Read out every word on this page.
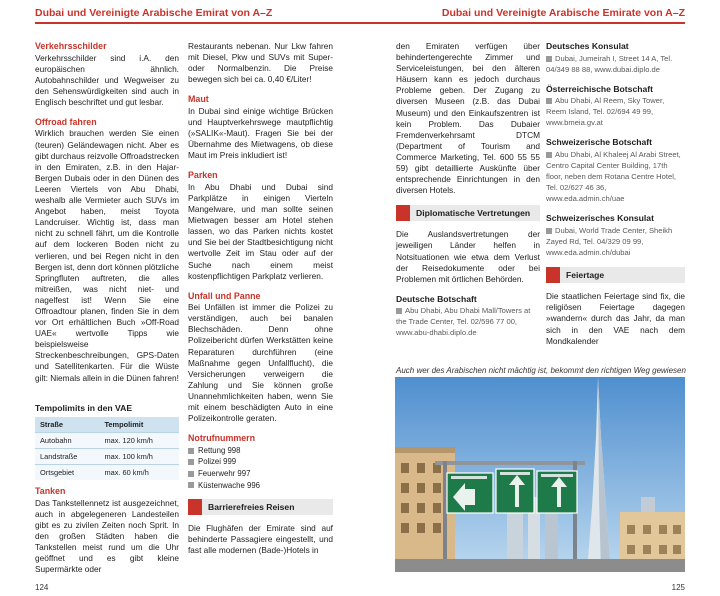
Dubai und Vereinigte Arabische Emirat von A–Z
Verkehrsschilder

Verkehrsschilder sind i.A. den europäischen ähnlich. Autobahnschilder und Wegweiser zu den Sehenswürdigkeiten sind auch in Englisch beschriftet und gut lesbar.

Offroad fahren

Wirklich brauchen werden Sie einen (teuren) Geländewagen nicht. Aber es gibt durchaus reizvolle Offroadstrecken in den Emiraten, z.B. in den Hajar-Bergen Dubais oder in den Dünen des Leeren Viertels von Abu Dhabi, weshalb alle Vermieter auch SUVs im Angebot haben, meist Toyota Landcruiser. Wichtig ist, dass man nicht zu schnell fährt, um die Kontrolle auf dem lockeren Boden nicht zu verlieren, und bei Regen nicht in den Bergen ist, denn dort können plötzliche Springfluten auftreten, die alles mitreißen, was nicht niet- und nagelfest ist! Wenn Sie eine Offroadtour planen, finden Sie in dem vor Ort erhältlichen Buch »Off-Road UAE« wertvolle Tipps wie beispielsweise Streckenbeschreibungen, GPS-Daten und Satellitenkarten. Für die Wüste gilt: Niemals allein in die Dünen fahren!

Tempolimits in den VAE
Straße	Tempolimit
Autobahn	max. 120 km/h
Landstraße	max. 100 km/h
Ortsgebiet	max. 60 km/h
Tanken

Das Tankstellennetz ist ausgezeichnet, auch in abgelegeneren Landesteilen gibt es zu zivilen Zeiten noch Sprit. In den großen Städten haben die Tankstellen meist rund um die Uhr geöffnet und es gibt kleine Supermärkte oder

Restaurants nebenan. Nur Lkw fahren mit Diesel, Pkw und SUVs mit Super- oder Normalbenzin. Die Preise bewegen sich bei ca. 0,40 €/Liter!

Maut

In Dubai sind einige wichtige Brücken und Hauptverkehrswege mautpflichtig (»SALIK«-Maut). Fragen Sie bei der Übernahme des Mietwagens, ob diese Maut im Preis inkludiert ist!

Parken

In Abu Dhabi und Dubai sind Parkplätze in einigen Vierteln Mangelware, und man sollte seinen Mietwagen besser am Hotel stehen lassen, wo das Parken nichts kostet und Sie bei der Stadtbesichtigung nicht wertvolle Zeit im Stau oder auf der Suche nach einem meist kostenpflichtigen Parkplatz verlieren.

Unfall und Panne

Bei Unfällen ist immer die Polizei zu verständigen, auch bei banalen Blechschäden. Denn ohne Polizeibericht dürfen Werkstätten keine Reparaturen durchführen (eine Maßnahme gegen Unfallflucht), die Versicherungen verweigern die Zahlung und Sie können große Unannehmlichkeiten haben, wenn Sie mit einem beschädigten Auto in eine Polizeikontrolle geraten.

Notrufnummern
Rettung 998
Polizei 999
Feuerwehr 997
Küstenwache 996
Barrierefreies Reisen

Die Flughäfen der Emirate sind auf behinderte Passagiere eingestellt, und fast alle modernen (Bade-)Hotels in

124
Dubai und Vereinigte Arabische Emirate von A–Z

den Emiraten verfügen über behindertengerechte Zimmer und Serviceleistungen, bei den älteren Häusern kann es jedoch durchaus Probleme geben. Der Zugang zu diversen Museen (z.B. das Dubai Museum) und den Einkaufszentren ist kein Problem. Das Dubaier Fremdenverkehrsamt DTCM (Department of Tourism and Commerce Marketing, Tel. 600 55 55 59) gibt detaillierte Auskünfte über entsprechende Einrichtungen in den diversen Hotels.

Diplomatische Vertretungen

Die Auslandsvertretungen der jeweiligen Länder helfen in Notsituationen wie etwa dem Verlust der Reisedokumente oder bei Problemen mit örtlichen Behörden.

Deutsche Botschaft
Abu Dhabi, Abu Dhabi Mall/Towers at the Trade Center, Tel. 02/596 77 00, www.abu-dhabi.diplo.de
Deutsches Konsulat
Dubai, Jumeirah I, Street 14 A, Tel. 04/349 88 88, www.dubai.diplo.de
Österreichische Botschaft
Abu Dhabi, Al Reem, Sky Tower, Reem Island, Tel. 02/694 49 99, www.bmeia.gv.at
Schweizerische Botschaft
Abu Dhabi, Al Khaleej Al Arabi Street, Centro Capital Center Building, 17th floor, neben dem Rotana Centre Hotel, Tel. 02/627 46 36, www.eda.admin.ch/uae
Schweizerisches Konsulat
Dubai, World Trade Center, Sheikh Zayed Rd, Tel. 04/329 09 99, www.eda.admin.ch/dubai
Feiertage

Die staatlichen Feiertage sind fix, die religiösen Feiertage dagegen »wandern« durch das Jahr, da man sich in den VAE nach dem Mondkalender

125
Auch wer des Arabischen nicht mächtig ist, bekommt den richtigen Weg gewiesen
